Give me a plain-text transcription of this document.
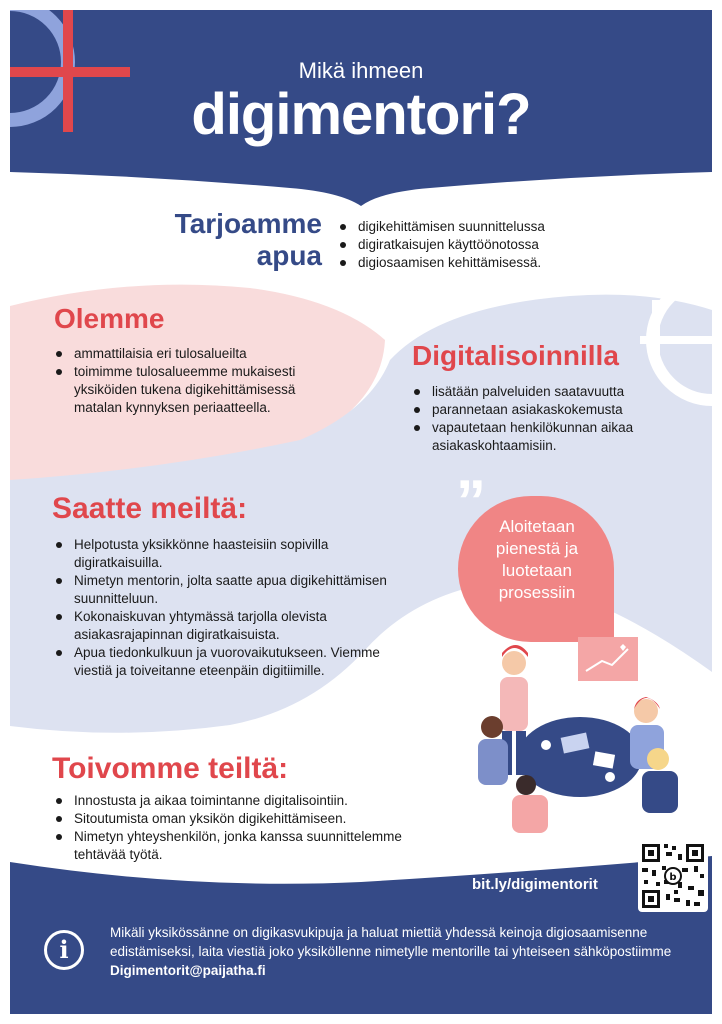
Mikä ihmeen
digimentori?
Tarjoamme
apua
digikehittämisen suunnittelussa
digiratkaisujen käyttöönotossa
digiosaamisen kehittämisessä.
Olemme
ammattilaisia eri tulosalueilta
toimimme tulosalueemme mukaisesti yksiköiden tukena digikehittämisessä matalan kynnyksen periaatteella.
Digitalisoinnilla
lisätään palveluiden saatavuutta
parannetaan asiakaskokemusta
vapautetaan henkilökunnan aikaa asiakaskohtaamisiin.
Saatte meiltä:
Helpotusta yksikkönne haasteisiin sopivilla digiratkaisuilla.
Nimetyn mentorin, jolta saatte apua digikehittämisen suunnitteluun.
Kokonaiskuvan yhtymässä tarjolla olevista asiakasrajapinnan digiratkaisuista.
Apua tiedonkulkuun ja vuorovaikutukseen. Viemme viestiä ja toiveitanne eteenpäin digitiimille.
” Aloitetaan pienestä ja luotetaan prosessiin
Toivomme teiltä:
Innostusta ja aikaa toimintanne digitalisointiin.
Sitoutumista oman yksikön digikehittämiseen.
Nimetyn yhteyshenkilön, jonka kanssa suunnittelemme tehtävää työtä.
bit.ly/digimentorit	b
i
Mikäli yksikössänne on digikasvukipuja ja haluat miettiä yhdessä keinoja digiosaamisenne edistämiseksi, laita viestiä joko yksiköllenne nimetylle mentorille tai yhteiseen sähköpostiimme Digimentorit@paijatha.fi
